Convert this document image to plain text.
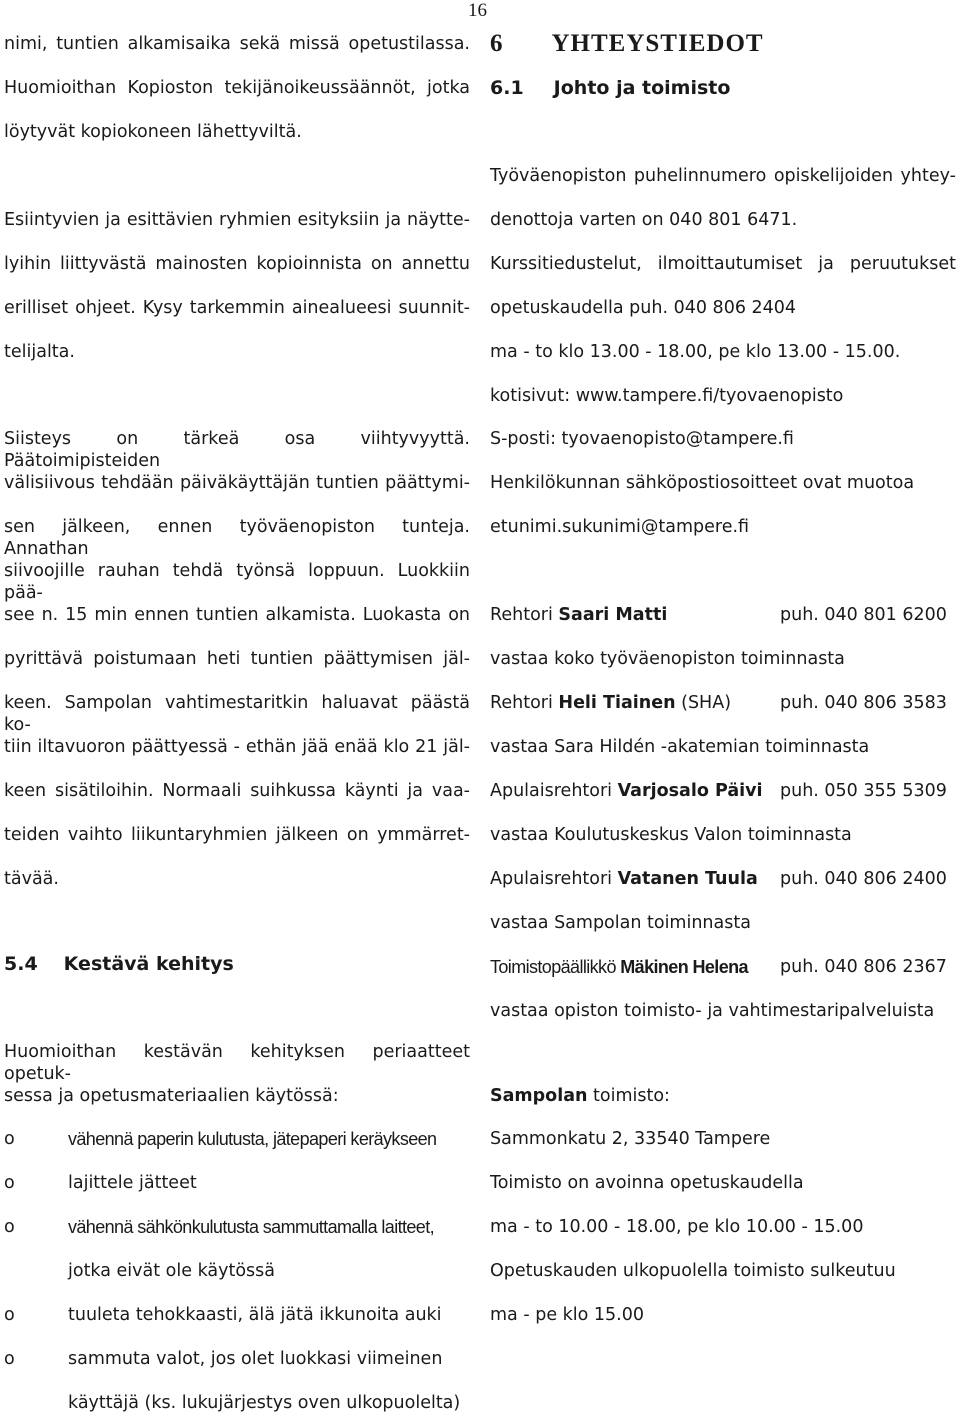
16
nimi, tuntien alkamisaika sekä missä opetustilassa.
Huomioithan Kopioston tekijänoikeussäännöt, jotka
löytyvät kopiokoneen lähettyviltä.
Esiintyvien ja esittävien ryhmien esityksiin ja näytte-
lyihin liittyvästä mainosten kopioinnista on annettu
erilliset ohjeet. Kysy tarkemmin ainealueesi suunnit-
telijalta.
Siisteys on tärkeä osa viihtyvyyttä. Päätoimipisteiden
välisiivous tehdään päiväkäyttäjän tuntien päättymi-
sen jälkeen, ennen työväenopiston tunteja. Annathan
siivoojille rauhan tehdä työnsä loppuun. Luokkiin pää-
see n. 15 min ennen tuntien alkamista. Luokasta on
pyrittävä poistumaan heti tuntien päättymisen jäl-
keen. Sampolan vahtimestaritkin haluavat päästä ko-
tiin iltavuoron päättyessä - ethän jää enää klo 21 jäl-
keen sisätiloihin. Normaali suihkussa käynti ja vaa-
teiden vaihto liikuntaryhmien jälkeen on ymmärret-
tävää.
5.4 Kestävä kehitys
Huomioithan kestävän kehityksen periaatteet opetuk-
sessa ja opetusmateriaalien käytössä:
o	vähennä paperin kulutusta, jätepaperi keräykseen
o	lajittele jätteet
o	vähennä sähkönkulutusta sammuttamalla laitteet,
jotka eivät ole käytössä
o	tuuleta tehokkaasti, älä jätä ikkunoita auki
o	sammuta valot, jos olet luokkasi viimeinen
käyttäjä (ks. lukujärjestys oven ulkopuolelta)
6 YHTEYSTIEDOT
6.1 Johto ja toimisto
Työväenopiston puhelinnumero opiskelijoiden yhtey-
denottoja varten on 040 801 6471.
Kurssitiedustelut, ilmoittautumiset ja peruutukset
opetuskaudella puh. 040 806 2404
ma - to klo 13.00 - 18.00, pe klo 13.00 - 15.00.
kotisivut: www.tampere.fi/tyovaenopisto
S-posti: tyovaenopisto@tampere.fi
Henkilökunnan sähköpostiosoitteet ovat muotoa
etunimi.sukunimi@tampere.fi
Rehtori Saari Matti	puh. 040 801 6200
vastaa koko työväenopiston toiminnasta
Rehtori Heli Tiainen (SHA)	puh. 040 806 3583
vastaa Sara Hildén -akatemian toiminnasta
Apulaisrehtori Varjosalo Päivi puh. 050 355 5309
vastaa Koulutuskeskus Valon toiminnasta
Apulaisrehtori Vatanen Tuula puh. 040 806 2400
vastaa Sampolan toiminnasta
Toimistopäällikkö Mäkinen Helena puh. 040 806 2367
vastaa opiston toimisto- ja vahtimestaripalveluista
Sampolan toimisto:
Sammonkatu 2, 33540 Tampere
Toimisto on avoinna opetuskaudella
ma - to 10.00 - 18.00, pe klo 10.00 - 15.00
Opetuskauden ulkopuolella toimisto sulkeutuu
ma - pe klo 15.00
